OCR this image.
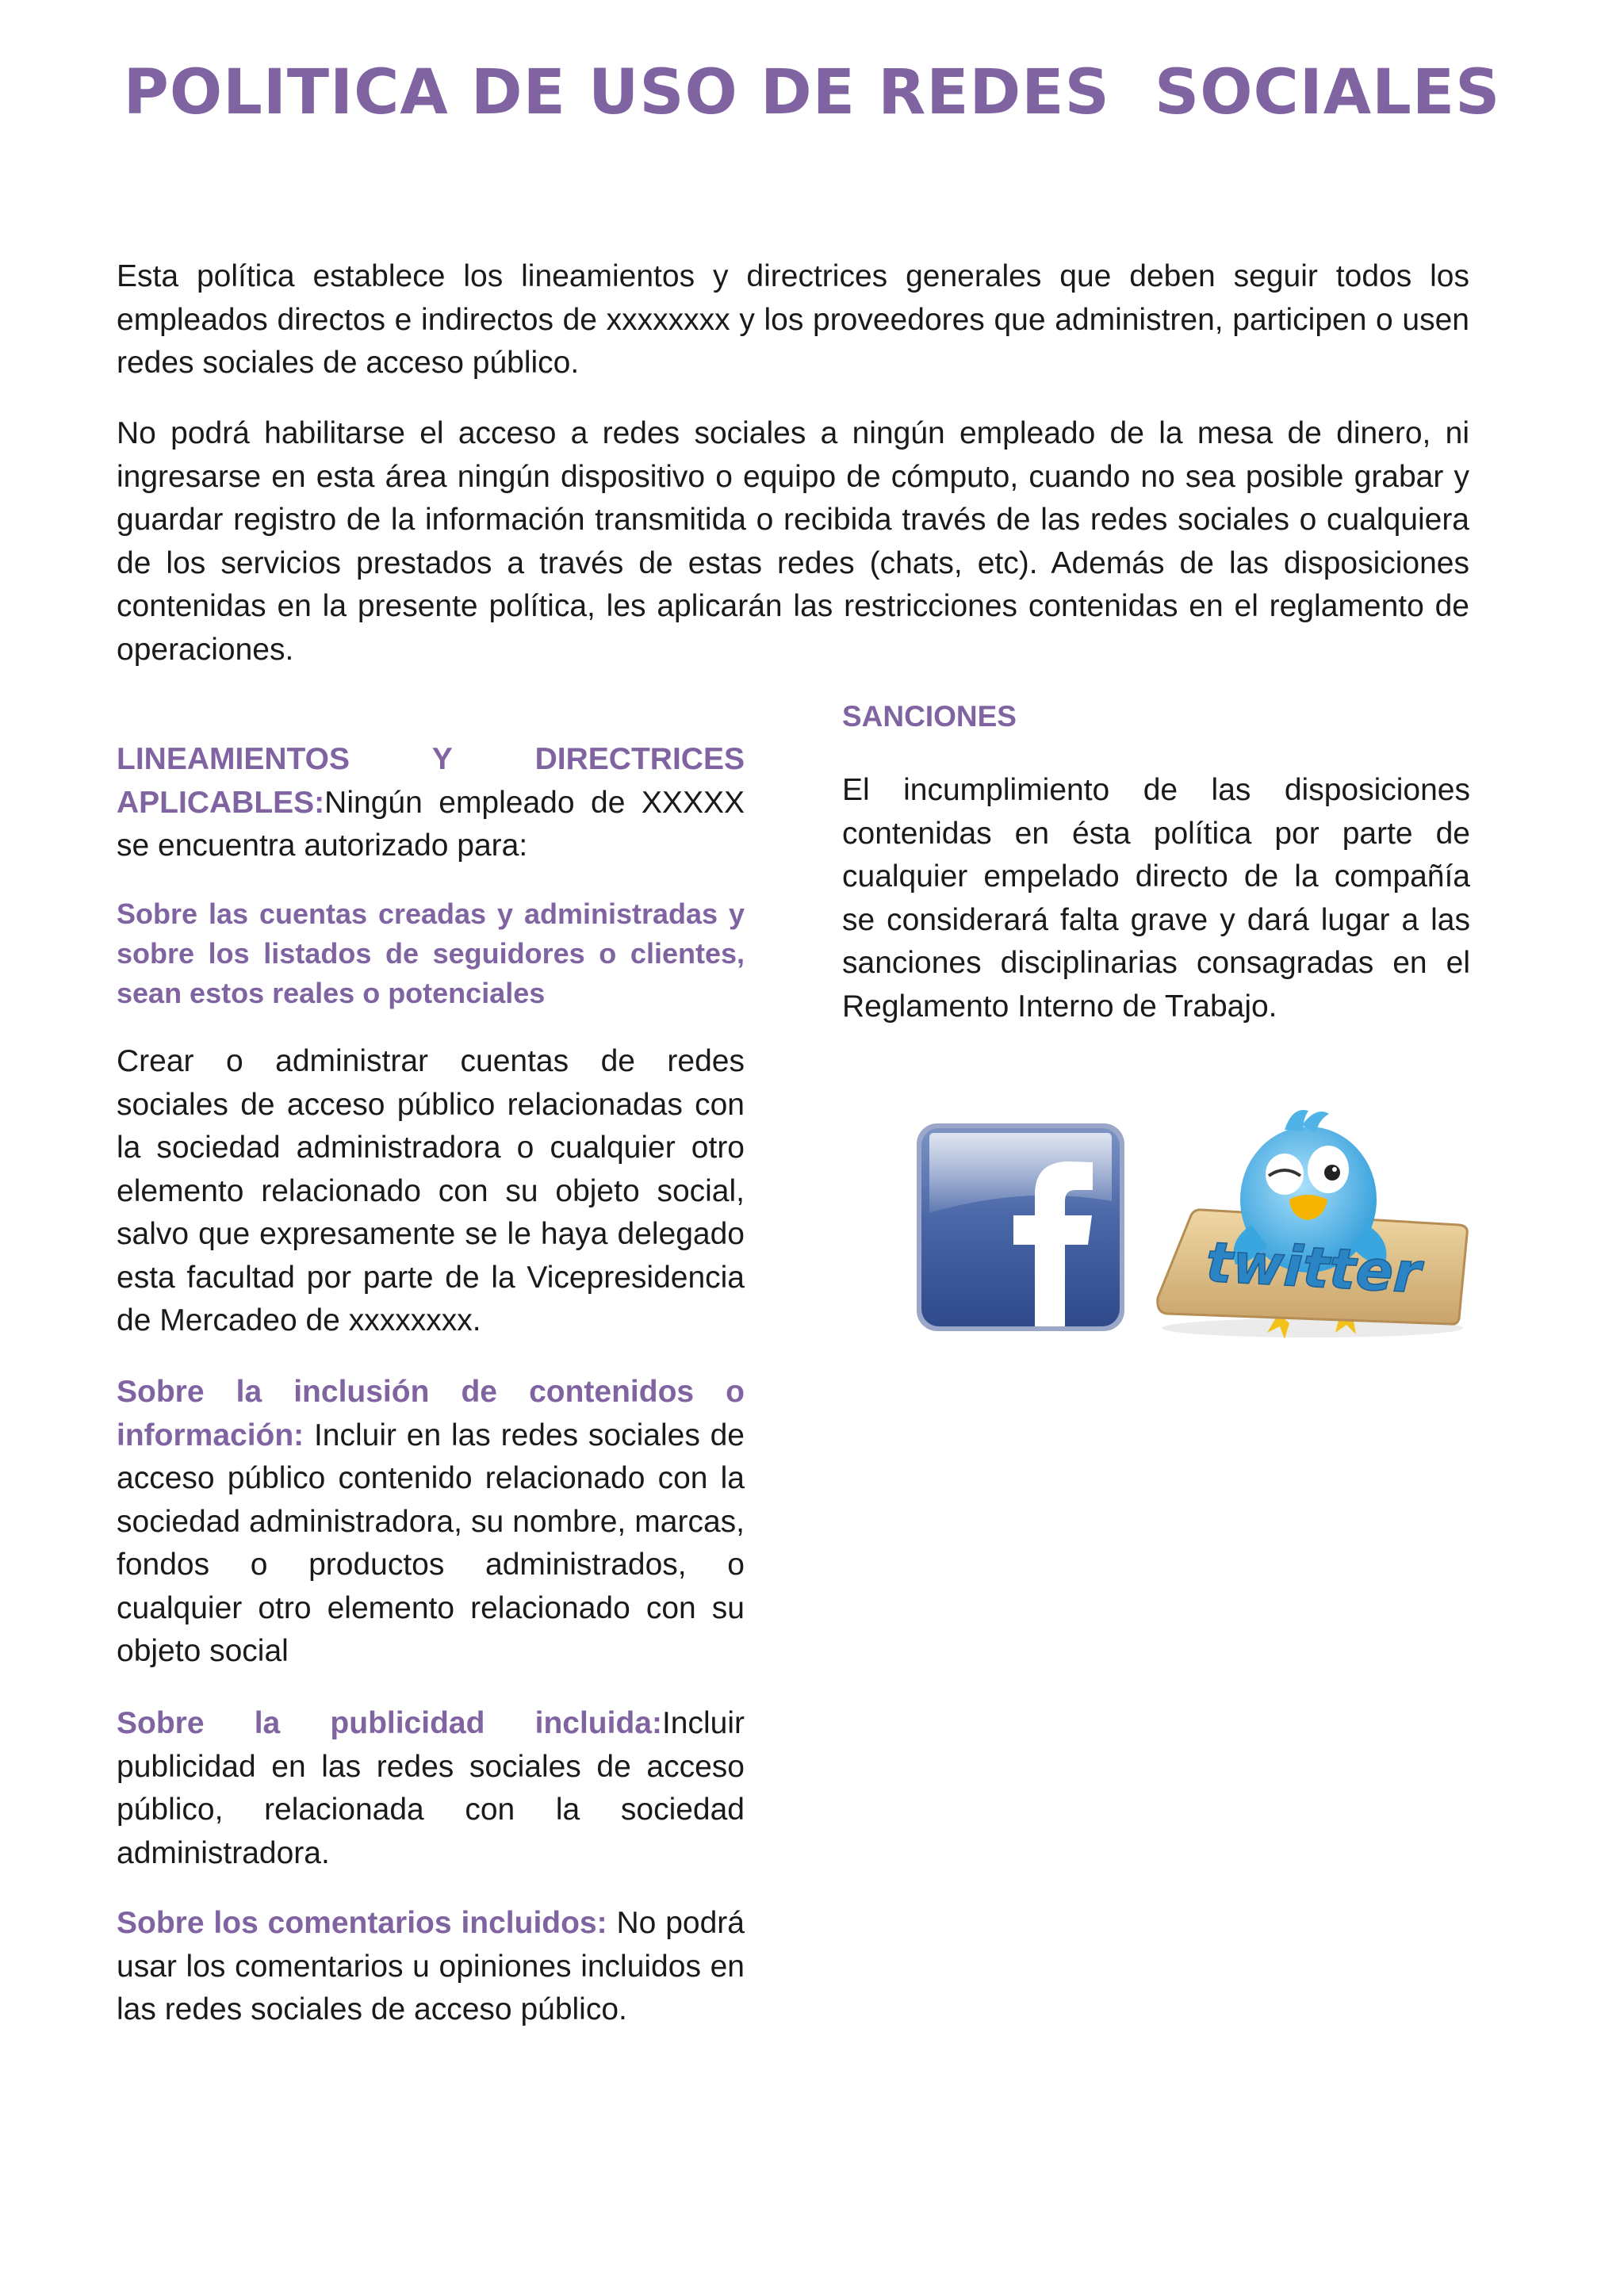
POLITICA DE USO DE REDES  SOCIALES

Esta política establece los lineamientos y directrices generales que deben seguir todos los empleados directos e indirectos de xxxxxxxx y los proveedores que administren, participen o usen redes sociales de acceso público.

No podrá habilitarse el acceso a redes sociales a ningún empleado de la mesa de dinero, ni ingresarse en esta área ningún dispositivo o equipo de cómputo, cuando no sea posible grabar y guardar registro de la información transmitida o recibida través de las redes sociales o cualquiera de los servicios prestados a través de estas redes (chats, etc). Además de las disposiciones contenidas en la presente política, les aplicarán las restricciones contenidas en el reglamento de operaciones.

LINEAMIENTOS Y DIRECTRICES APLICABLES:Ningún empleado de XXXXX se encuentra autorizado para:

Sobre las cuentas creadas y administradas y sobre los listados de seguidores o clientes, sean estos reales o potenciales

Crear o administrar cuentas de redes sociales de acceso público relacionadas con la sociedad administradora o cualquier otro elemento relacionado con su objeto social, salvo que expresamente se le haya delegado esta facultad por parte de la Vicepresidencia de Mercadeo de xxxxxxxx.

Sobre la inclusión de contenidos o información: Incluir en las redes sociales de acceso público contenido relacionado con la sociedad administradora, su nombre, marcas, fondos o productos administrados, o cualquier otro elemento relacionado con su objeto social

Sobre la publicidad incluida:Incluir publicidad en las redes sociales de acceso público, relacionada con la sociedad administradora.

Sobre los comentarios incluidos: No podrá usar los comentarios u opiniones incluidos en las redes sociales de acceso público.

SANCIONES

El incumplimiento de las disposiciones contenidas en ésta política por parte de cualquier empelado directo de la compañía se considerará falta grave y dará lugar a las sanciones disciplinarias consagradas en el Reglamento Interno de Trabajo.

twitter
